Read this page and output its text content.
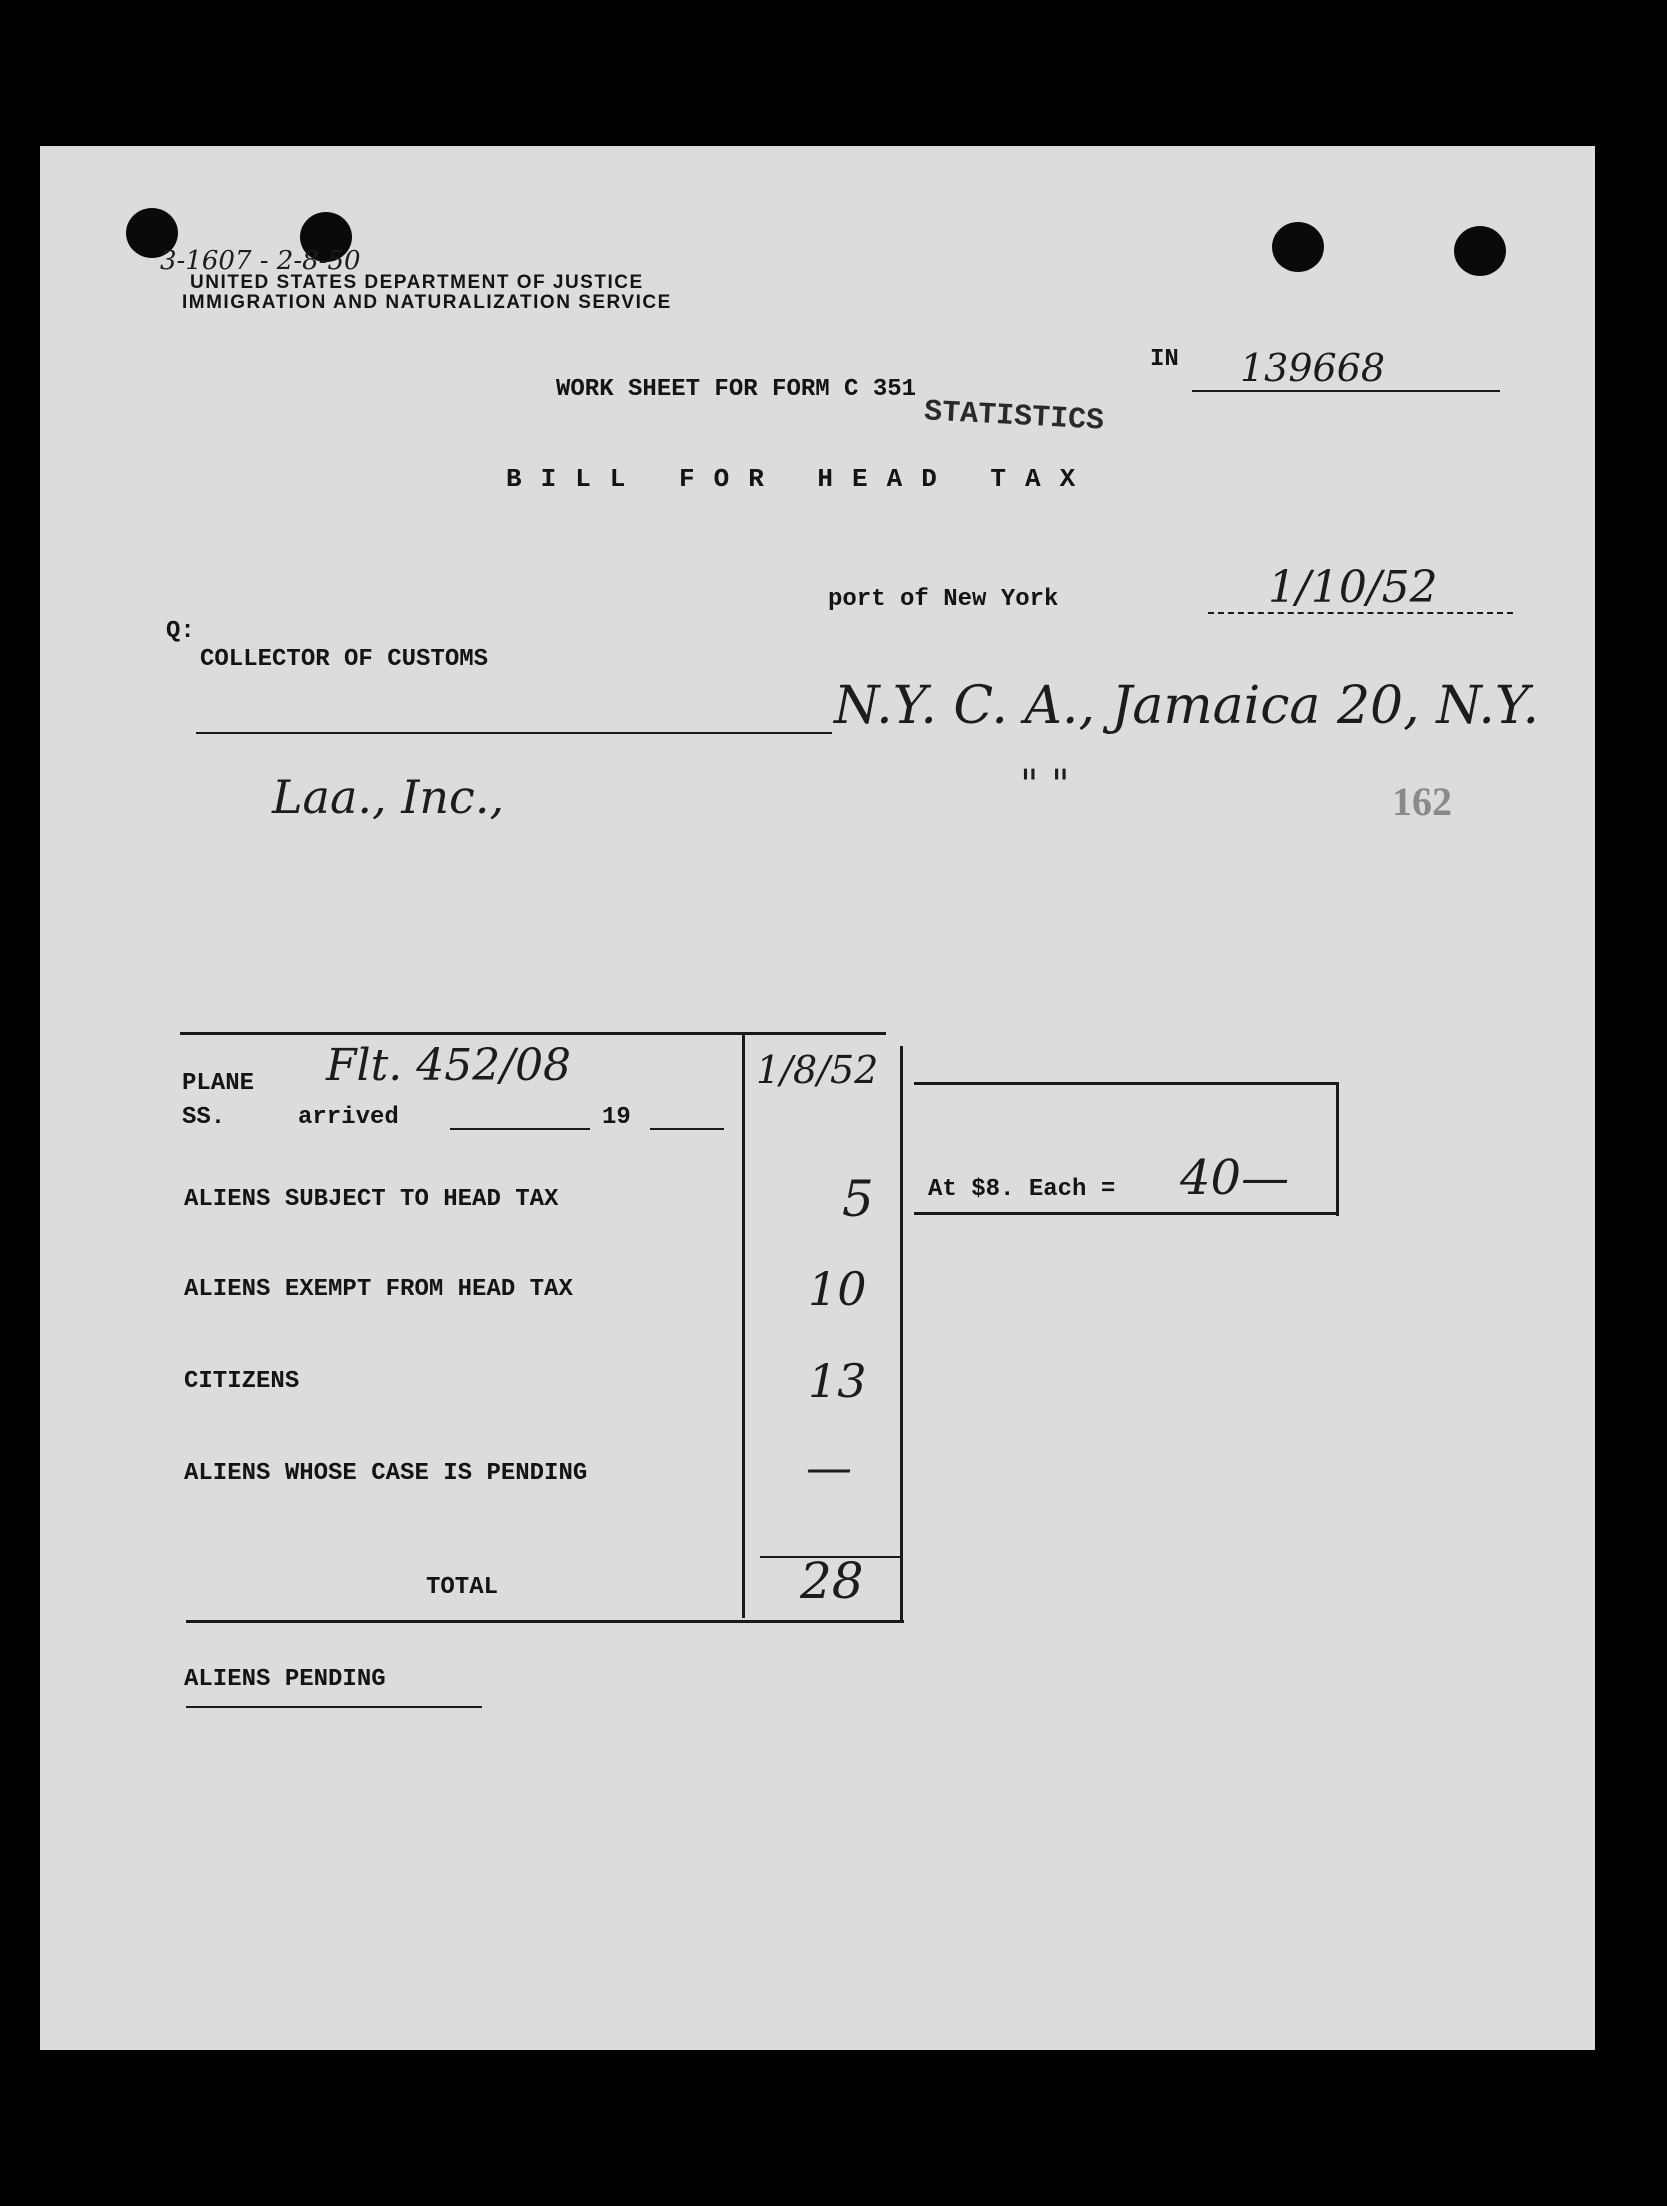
3-1607 - 2-8-50
UNITED STATES DEPARTMENT OF JUSTICE
IMMIGRATION AND NATURALIZATION SERVICE
IN 139668
WORK SHEET FOR FORM C 351
STATISTICS
BILL FOR HEAD TAX
port of New York	1/10/52
Q:
COLLECTOR OF CUSTOMS
N.Y. C. A., Jamaica 20, N.Y.
Laa., Inc.,	" "	162
At $8. Each = 40—
PLANE
SS.
Flt. 452/08
arrived	19
1/8/52
ALIENS SUBJECT TO HEAD TAX	5
ALIENS EXEMPT FROM HEAD TAX	10
CITIZENS	13
ALIENS WHOSE CASE IS PENDING	—
TOTAL	28
ALIENS PENDING
